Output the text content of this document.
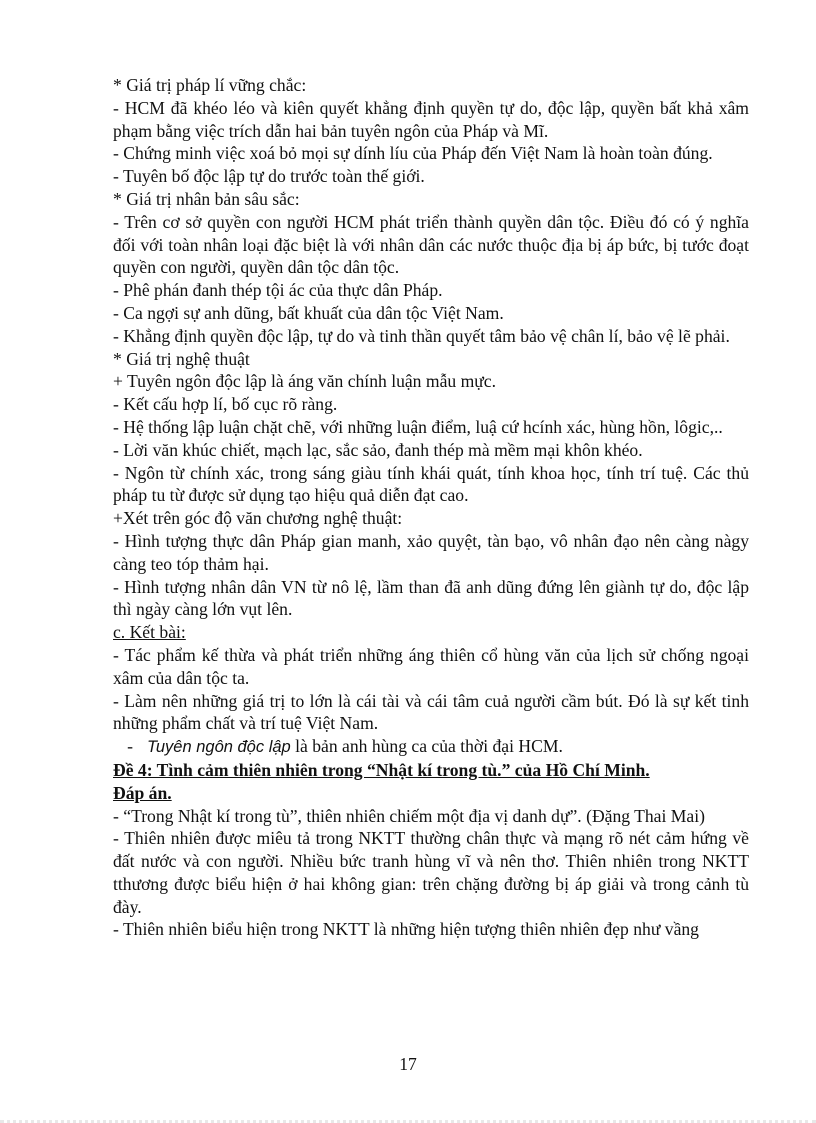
* Giá trị pháp lí vững chắc:

- HCM đã khéo léo và kiên quyết khẳng định quyền tự do, độc lập, quyền bất khả xâm phạm bằng việc trích dẫn hai bản tuyên ngôn của Pháp và Mĩ.

- Chứng minh việc xoá bỏ mọi sự dính líu của Pháp đến Việt Nam là hoàn toàn đúng.

- Tuyên bố độc lập tự do trước toàn thế giới.

* Giá trị nhân bản sâu sắc:

- Trên cơ sở quyền con người HCM phát triển thành quyền dân tộc. Điều đó có ý nghĩa đối với toàn nhân loại đặc biệt là với nhân dân các nước thuộc địa bị áp bức, bị tước đoạt quyền con người, quyền dân tộc dân tộc.

- Phê phán đanh thép tội ác của thực dân Pháp.

- Ca ngợi sự anh dũng, bất khuất của dân tộc Việt Nam.

- Khẳng định quyền độc lập, tự do và tinh thần quyết tâm bảo vệ chân lí, bảo vệ lẽ phải.

* Giá trị nghệ thuật

+ Tuyên ngôn độc lập là áng văn chính luận mẫu mực.

- Kết cấu hợp lí, bố cục rõ ràng.

- Hệ thống lập luận chặt chẽ, với những luận điểm, luậ cứ hcính xác, hùng hồn, lôgic,..

- Lời văn khúc chiết, mạch lạc, sắc sảo, đanh thép mà mềm mại khôn khéo.

- Ngôn từ chính xác, trong sáng giàu tính khái quát, tính khoa học, tính trí tuệ. Các thủ pháp tu từ được sử dụng tạo hiệu quả diễn đạt cao.

+Xét trên góc độ văn chương nghệ thuật:

- Hình tượng thực dân Pháp gian manh, xảo quyệt, tàn bạo, vô nhân đạo nên càng nàgy càng teo tóp thảm hại.

- Hình tượng nhân dân VN từ nô lệ, lầm than đã anh dũng đứng lên giành tự do, độc lập thì ngày càng lớn vụt lên.

c. Kết bài:

- Tác phẩm kế thừa và phát triển những áng thiên cổ hùng văn của lịch sử chống ngoại xâm của dân tộc ta.

- Làm nên những giá trị to lớn là cái tài và cái tâm cuả người cầm bút. Đó là sự kết tinh những phẩm chất và trí tuệ Việt Nam.

- Tuyên ngôn độc lập là bản anh hùng ca của thời đại HCM.

Đề 4: Tình cảm thiên nhiên trong “Nhật kí trong tù.” của Hồ Chí Minh.

Đáp án.

- “Trong Nhật kí trong tù”, thiên nhiên chiếm một địa vị danh dự”. (Đặng Thai Mai)

- Thiên nhiên được miêu tả trong NKTT thường chân thực và mạng rõ nét cảm hứng về đất nước và con người. Nhiều bức tranh hùng vĩ và nên thơ. Thiên nhiên trong NKTT tthương được biểu hiện ở hai không gian: trên chặng đường bị áp giải và trong cảnh tù đày.

- Thiên nhiên biểu hiện trong NKTT là những hiện tượng thiên nhiên đẹp như vầng

17
